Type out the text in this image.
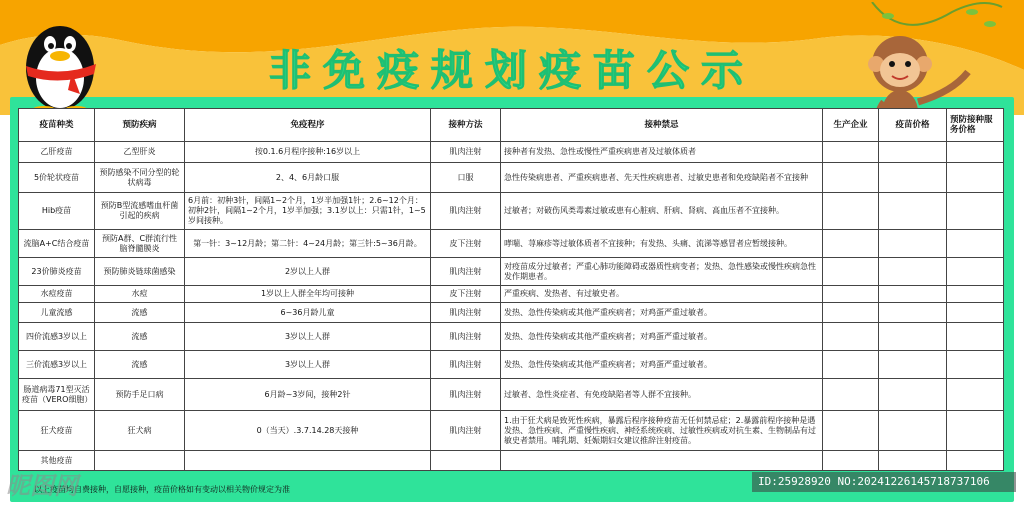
非免疫规划疫苗公示
疫苗种类	预防疾病	免疫程序	接种方法	接种禁忌	生产企业	疫苗价格	预防接种服务价格
乙肝疫苗	乙型肝炎	按0.1.6月程序接种:16岁以上	肌肉注射	接种者有发热、急性或慢性严重疾病患者及过敏体质者			
5价轮状疫苗	预防感染不同分型的轮状病毒	2、4、6月龄口服	口服	急性传染病患者、严重疾病患者、先天性疾病患者、过敏史患者和免疫缺陷者不宜接种			
Hib疫苗	预防B型流感嗜血杆菌引起的疾病	6月前：初种3针，间隔1~2个月，1岁半加强1针；2.6~12个月：初种2针，间隔1~2个月，1岁半加强；3.1岁以上：只需1针，1~5岁间接种。	肌肉注射	过敏者；对破伤风类毒素过敏或患有心脏病、肝病、肾病、高血压者不宜接种。			
流脑A+C结合疫苗	预防A群、C群流行性脑脊髓膜炎	第一针：3~12月龄；第二针：4~24月龄；第三针:5~36月龄。	皮下注射	哮喘、荨麻疹等过敏体质者不宜接种；有发热、头痛、流涕等感冒者应暂缓接种。			
23价肺炎疫苗	预防肺炎链球菌感染	2岁以上人群	肌肉注射	对疫苗成分过敏者；严重心肺功能障碍或器质性病变者；发热、急性感染或慢性疾病急性发作期患者。			
水痘疫苗	水痘	1岁以上人群全年均可接种	皮下注射	严重疾病、发热者、有过敏史者。			
儿童流感	流感	6~36月龄儿童	肌肉注射	发热、急性传染病或其他严重疾病者；对鸡蛋严重过敏者。			
四价流感3岁以上	流感	3岁以上人群	肌肉注射	发热、急性传染病或其他严重疾病者；对鸡蛋严重过敏者。			
三价流感3岁以上	流感	3岁以上人群	肌肉注射	发热、急性传染病或其他严重疾病者；对鸡蛋严重过敏者。			
肠道病毒71型灭活疫苗（VERO细胞）	预防手足口病	6月龄~3岁间，接种2针	肌肉注射	过敏者、急性炎症者、有免疫缺陷者等人群不宜接种。			
狂犬疫苗	狂犬病	0（当天）.3.7.14.28天接种	肌肉注射	1.由于狂犬病是致死性疾病，暴露后程序接种疫苗无任何禁忌症；2.暴露前程序接种是遇发热、急性疾病、严重慢性疾病、神经系统疾病、过敏性疾病或对抗生素、生物制品有过敏史者禁用。哺乳期、妊娠期妇女建议推辞注射疫苗。			
其他疫苗							
以上疫苗均自费接种，自愿接种，疫苗价格如有变动以相关物价规定为准
昵图网	ID:25928920 NO:20241226145718737106
